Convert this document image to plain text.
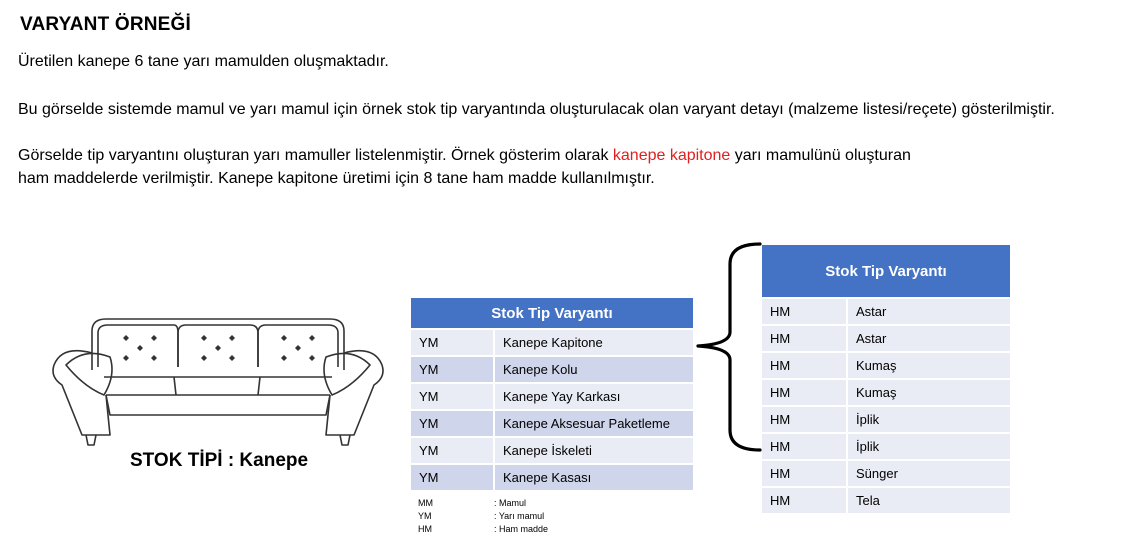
VARYANT ÖRNEĞİ
Üretilen kanepe 6 tane yarı mamulden oluşmaktadır.
Bu görselde sistemde mamul ve yarı mamul için örnek stok tip varyantında oluşturulacak olan varyant detayı (malzeme listesi/reçete) gösterilmiştir.
Görselde tip varyantını oluşturan yarı mamuller listelenmiştir. Örnek gösterim olarak kanepe kapitone yarı mamulünü oluşturan
ham maddelerde verilmiştir. Kanepe kapitone üretimi için 8 tane ham madde kullanılmıştır.
STOK TİPİ : Kanepe
Stok Tip Varyantı	
YM	Kanepe Kapitone
YM	Kanepe Kolu
YM	Kanepe Yay Karkası
YM	Kanepe Aksesuar Paketleme
YM	Kanepe İskeleti
YM	Kanepe Kasası
MM	: Mamul
YM	: Yarı mamul
HM	: Ham madde
Stok Tip Varyantı	
HM	Astar
HM	Astar
HM	Kumaş
HM	Kumaş
HM	İplik
HM	İplik
HM	Sünger
HM	Tela
